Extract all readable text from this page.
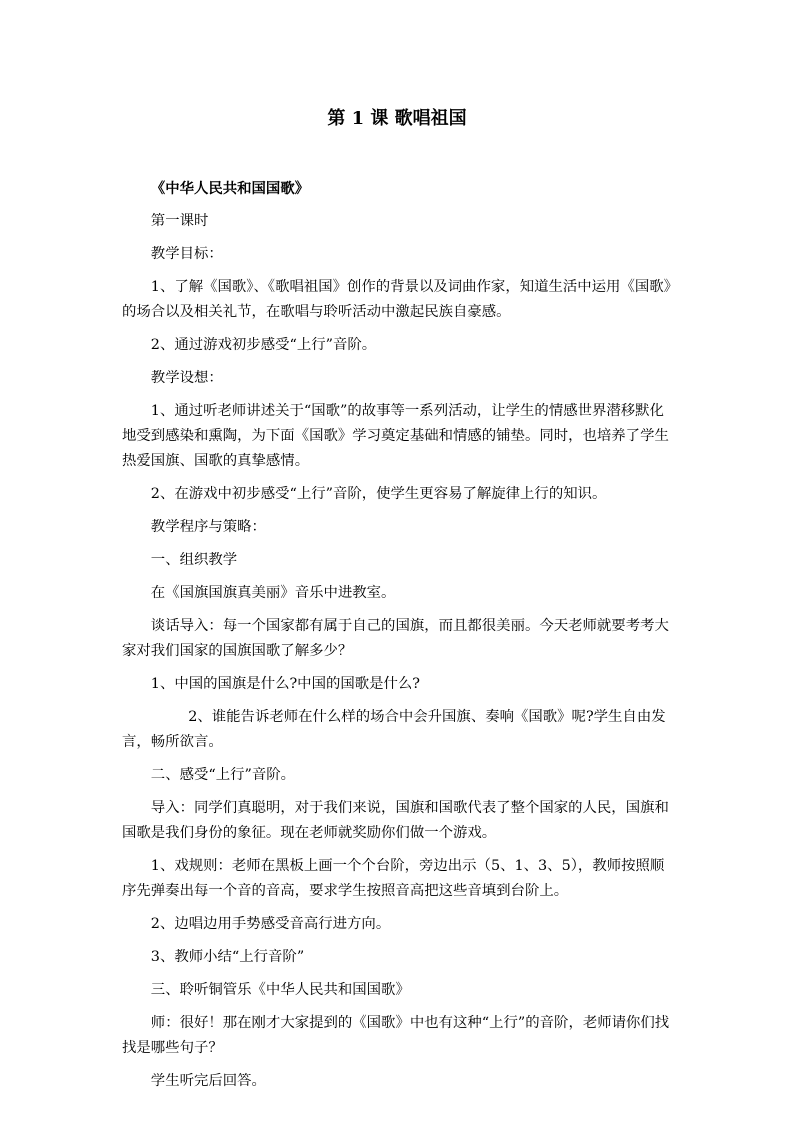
第 1 课 歌唱祖国

《中华人民共和国国歌》

第一课时

教学目标：

1、了解《国歌》、《歌唱祖国》创作的背景以及词曲作家，知道生活中运用《国歌》的场合以及相关礼节，在歌唱与聆听活动中激起民族自豪感。

2、通过游戏初步感受“上行”音阶。

教学设想：

1、通过听老师讲述关于“国歌”的故事等一系列活动，让学生的情感世界潜移默化地受到感染和熏陶，为下面《国歌》学习奠定基础和情感的铺垫。同时，也培养了学生热爱国旗、国歌的真挚感情。

2、在游戏中初步感受“上行”音阶，使学生更容易了解旋律上行的知识。

教学程序与策略：

一、组织教学

在《国旗国旗真美丽》音乐中进教室。

谈话导入：每一个国家都有属于自己的国旗，而且都很美丽。今天老师就要考考大家对我们国家的国旗国歌了解多少？

1、中国的国旗是什么?中国的国歌是什么?

2、谁能告诉老师在什么样的场合中会升国旗、奏响《国歌》呢?学生自由发言，畅所欲言。

二、感受“上行”音阶。

导入：同学们真聪明，对于我们来说，国旗和国歌代表了整个国家的人民，国旗和国歌是我们身份的象征。现在老师就奖励你们做一个游戏。

1、戏规则：老师在黑板上画一个个台阶，旁边出示（5、1、3、5），教师按照顺序先弹奏出每一个音的音高，要求学生按照音高把这些音填到台阶上。

2、边唱边用手势感受音高行进方向。

3、教师小结“上行音阶”

三、聆听铜管乐《中华人民共和国国歌》

师：很好！那在刚才大家提到的《国歌》中也有这种“上行”的音阶，老师请你们找找是哪些句子？

学生听完后回答。
